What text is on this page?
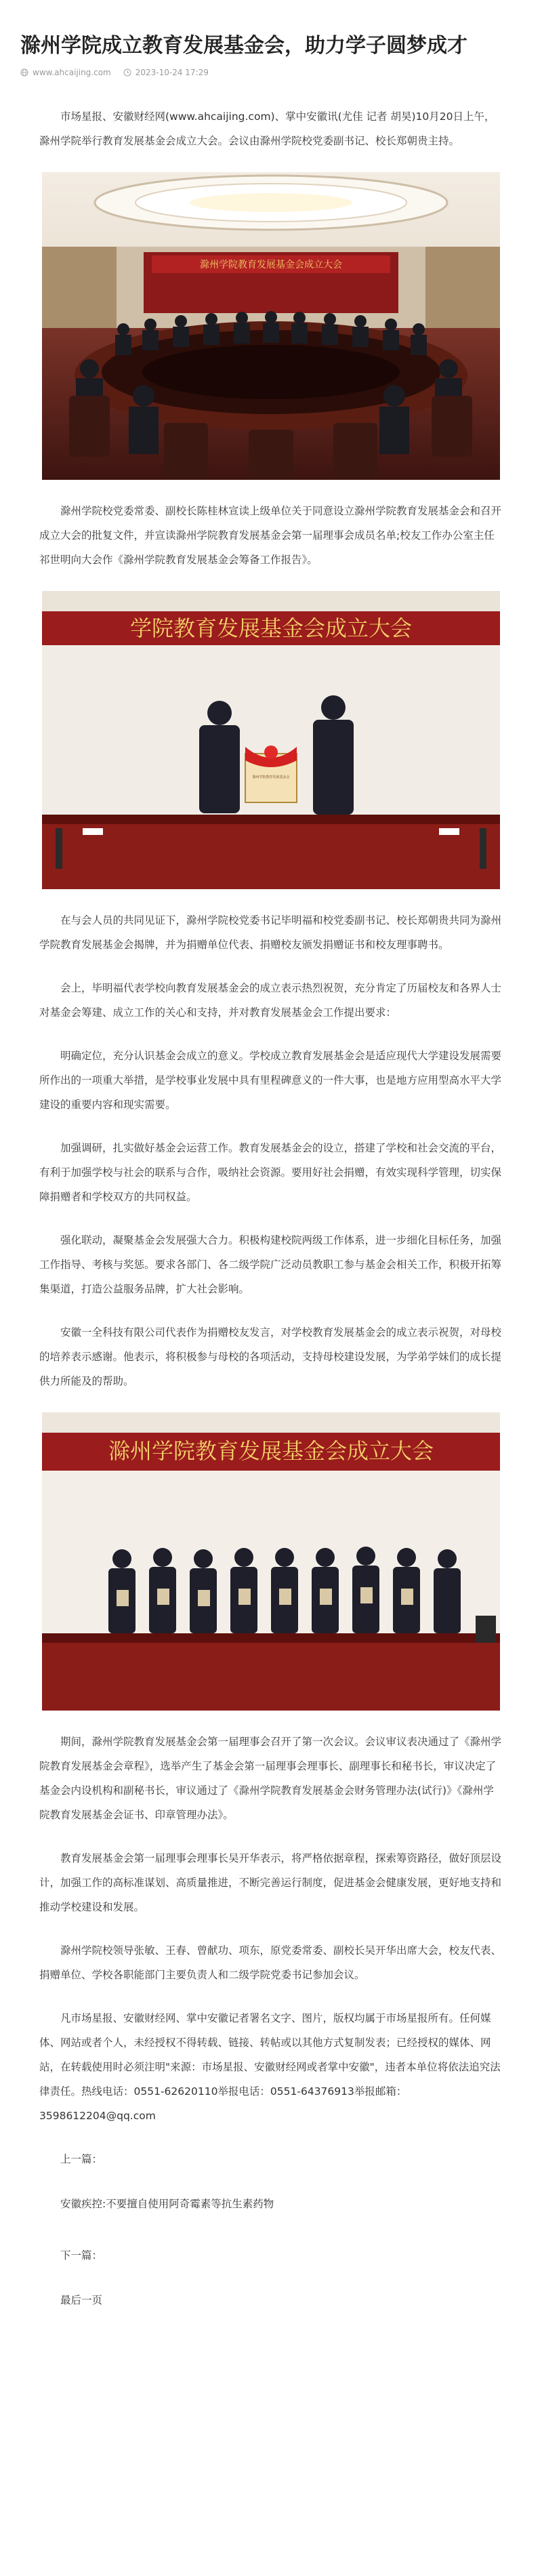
滁州学院成立教育发展基金会，助力学子圆梦成才
www.ahcaijing.com	2023-10-24 17:29

市场星报、安徽财经网(www.ahcaijing.com)、掌中安徽讯(尤佳 记者 胡昊)10月20日上午，滁州学院举行教育发展基金会成立大会。会议由滁州学院校党委副书记、校长郑朝贵主持。

滁州学院教育发展基金会成立大会

滁州学院校党委常委、副校长陈桂林宣读上级单位关于同意设立滁州学院教育发展基金会和召开成立大会的批复文件，并宣读滁州学院教育发展基金会第一届理事会成员名单;校友工作办公室主任祁世明向大会作《滁州学院教育发展基金会筹备工作报告》。

学院教育发展基金会成立大会
滁州学院教育发展基金会

在与会人员的共同见证下，滁州学院校党委书记毕明福和校党委副书记、校长郑朝贵共同为滁州学院教育发展基金会揭牌，并为捐赠单位代表、捐赠校友颁发捐赠证书和校友理事聘书。

会上，毕明福代表学校向教育发展基金会的成立表示热烈祝贺，充分肯定了历届校友和各界人士对基金会筹建、成立工作的关心和支持，并对教育发展基金会工作提出要求：

明确定位，充分认识基金会成立的意义。学校成立教育发展基金会是适应现代大学建设发展需要所作出的一项重大举措，是学校事业发展中具有里程碑意义的一件大事，也是地方应用型高水平大学建设的重要内容和现实需要。

加强调研，扎实做好基金会运营工作。教育发展基金会的设立，搭建了学校和社会交流的平台，有利于加强学校与社会的联系与合作，吸纳社会资源。要用好社会捐赠，有效实现科学管理，切实保障捐赠者和学校双方的共同权益。

强化联动，凝聚基金会发展强大合力。积极构建校院两级工作体系，进一步细化目标任务，加强工作指导、考核与奖惩。要求各部门、各二级学院广泛动员教职工参与基金会相关工作，积极开拓筹集渠道，打造公益服务品牌，扩大社会影响。

安徽一全科技有限公司代表作为捐赠校友发言，对学校教育发展基金会的成立表示祝贺，对母校的培养表示感谢。他表示，将积极参与母校的各项活动，支持母校建设发展，为学弟学妹们的成长提供力所能及的帮助。

滁州学院教育发展基金会成立大会

期间，滁州学院教育发展基金会第一届理事会召开了第一次会议。会议审议表决通过了《滁州学院教育发展基金会章程》，选举产生了基金会第一届理事会理事长、副理事长和秘书长，审议决定了基金会内设机构和副秘书长，审议通过了《滁州学院教育发展基金会财务管理办法(试行)》《滁州学院教育发展基金会证书、印章管理办法》。

教育发展基金会第一届理事会理事长吴开华表示，将严格依据章程，探索筹资路径，做好顶层设计，加强工作的高标准谋划、高质量推进，不断完善运行制度，促进基金会健康发展，更好地支持和推动学校建设和发展。

滁州学院校领导张敏、王春、曾献功、项东，原党委常委、副校长吴开华出席大会，校友代表、捐赠单位、学校各职能部门主要负责人和二级学院党委书记参加会议。

凡市场星报、安徽财经网、掌中安徽记者署名文字、图片，版权均属于市场星报所有。任何媒体、网站或者个人，未经授权不得转载、链接、转帖或以其他方式复制发表；已经授权的媒体、网站，在转载使用时必须注明"来源：市场星报、安徽财经网或者掌中安徽"，违者本单位将依法追究法律责任。热线电话：0551-62620110举报电话：0551-64376913举报邮箱：3598612204@qq.com

上一篇：
安徽疾控:不要擅自使用阿奇霉素等抗生素药物
下一篇：
最后一页
